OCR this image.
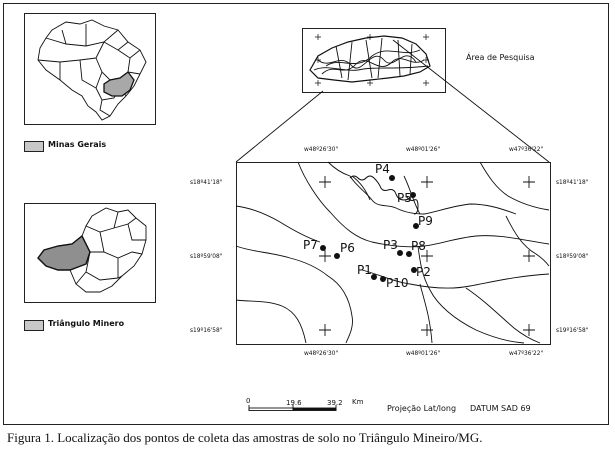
Minas Gerais
Triângulo Minero
Área de Pesquisa
w48º26'30"	w48º01'26"	w47º36'22"
w48º26'30"	w48º01'26"	w47º36'22"
s18º41'18"
s18º59'08"
s19º16'58"
s18º41'18"
s18º59'08"
s19º16'58"
P1	P2
P3
P4
P5
P6
P7	P8
P9
P10
0	19.6	39.2 Km
Projeção Lat/long DATUM SAD 69
Figura 1. Localização dos pontos de coleta das amostras de solo no Triângulo Mineiro/MG.
